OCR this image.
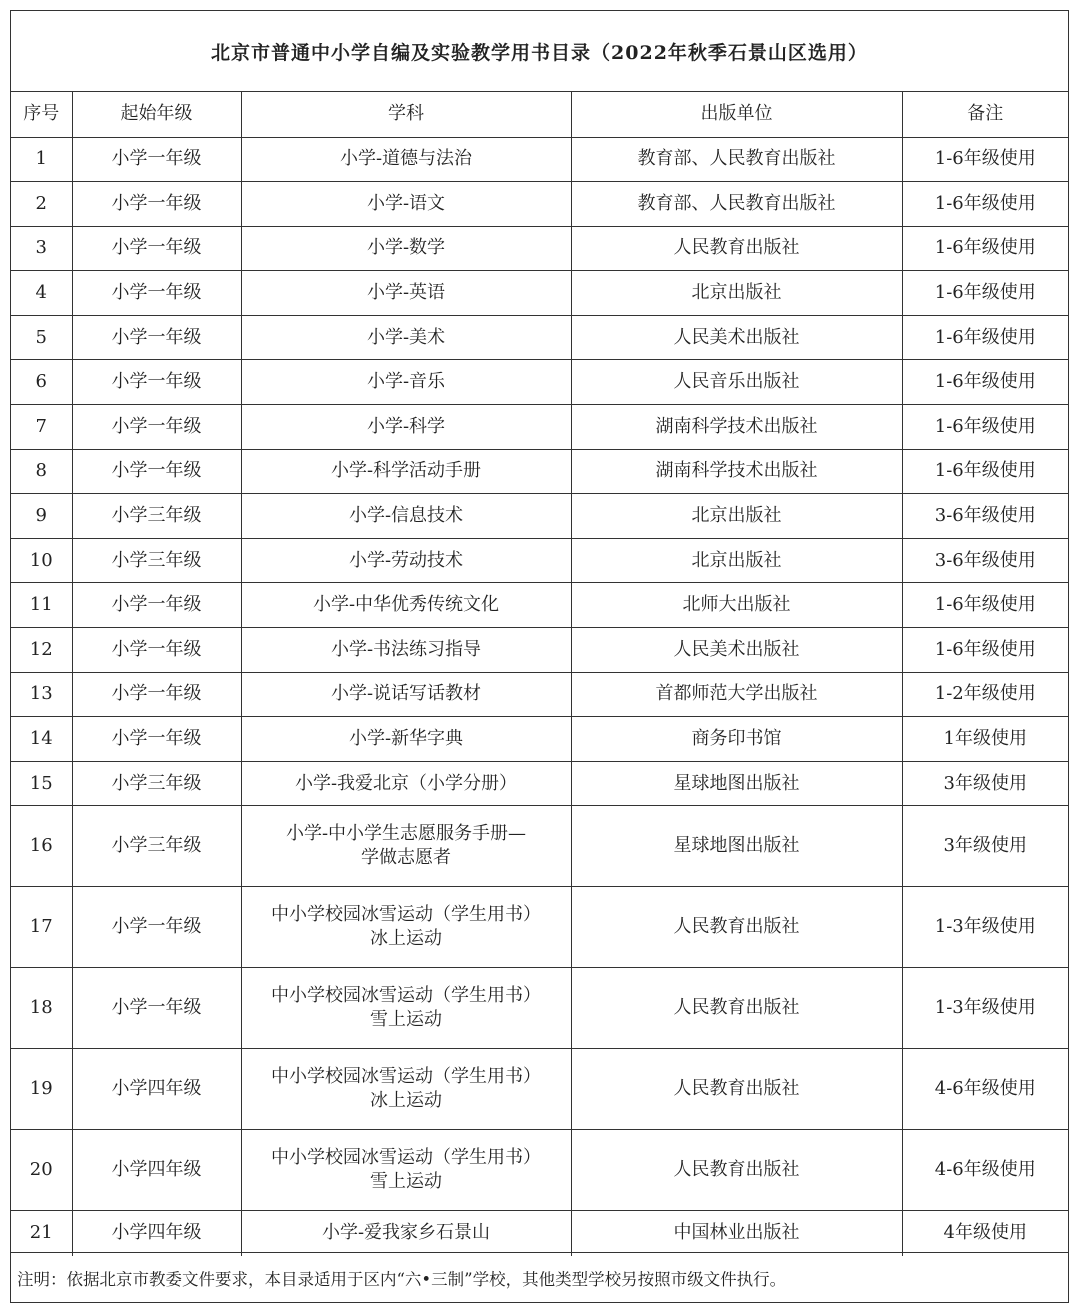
北京市普通中小学自编及实验教学用书目录（2022年秋季石景山区选用）
序号	起始年级	学科	出版单位	备注
1	小学一年级	小学-道德与法治	教育部、人民教育出版社	1-6年级使用
2	小学一年级	小学-语文	教育部、人民教育出版社	1-6年级使用
3	小学一年级	小学-数学	人民教育出版社	1-6年级使用
4	小学一年级	小学-英语	北京出版社	1-6年级使用
5	小学一年级	小学-美术	人民美术出版社	1-6年级使用
6	小学一年级	小学-音乐	人民音乐出版社	1-6年级使用
7	小学一年级	小学-科学	湖南科学技术出版社	1-6年级使用
8	小学一年级	小学-科学活动手册	湖南科学技术出版社	1-6年级使用
9	小学三年级	小学-信息技术	北京出版社	3-6年级使用
10	小学三年级	小学-劳动技术	北京出版社	3-6年级使用
11	小学一年级	小学-中华优秀传统文化	北师大出版社	1-6年级使用
12	小学一年级	小学-书法练习指导	人民美术出版社	1-6年级使用
13	小学一年级	小学-说话写话教材	首都师范大学出版社	1-2年级使用
14	小学一年级	小学-新华字典	商务印书馆	1年级使用
15	小学三年级	小学-我爱北京（小学分册）	星球地图出版社	3年级使用
16	小学三年级	小学-中小学生志愿服务手册—
学做志愿者	星球地图出版社	3年级使用
17	小学一年级	中小学校园冰雪运动（学生用书）
冰上运动	人民教育出版社	1-3年级使用
18	小学一年级	中小学校园冰雪运动（学生用书）
雪上运动	人民教育出版社	1-3年级使用
19	小学四年级	中小学校园冰雪运动（学生用书）
冰上运动	人民教育出版社	4-6年级使用
20	小学四年级	中小学校园冰雪运动（学生用书）
雪上运动	人民教育出版社	4-6年级使用
21	小学四年级	小学-爱我家乡石景山	中国林业出版社	4年级使用
注明：依据北京市教委文件要求，本目录适用于区内“六•三制”学校，其他类型学校另按照市级文件执行。
